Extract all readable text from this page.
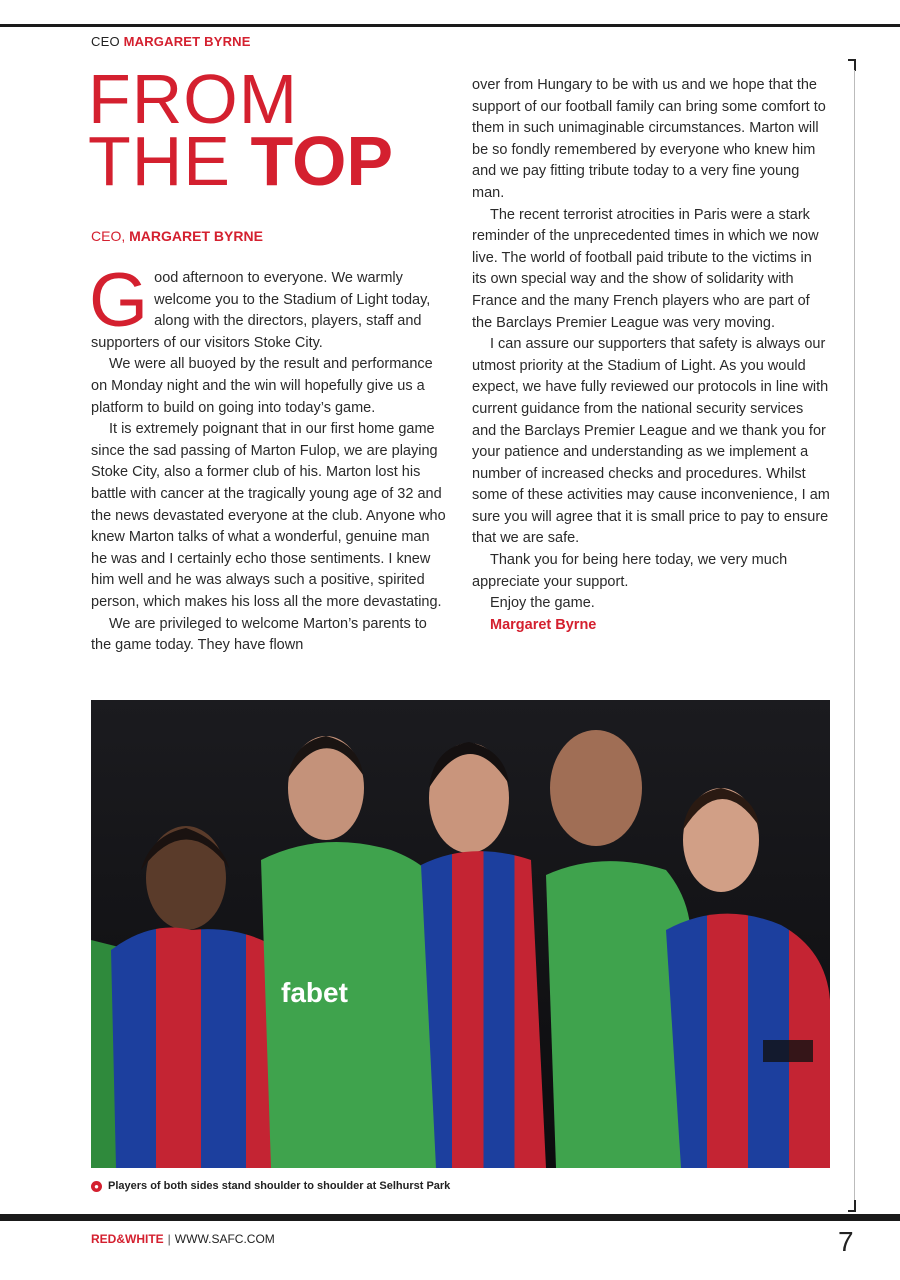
CEO MARGARET BYRNE
FROM
THE TOP
CEO, MARGARET BYRNE

Good afternoon to everyone. We warmly welcome you to the Stadium of Light today, along with the directors, players, staff and supporters of our visitors Stoke City.

We were all buoyed by the result and performance on Monday night and the win will hopefully give us a platform to build on going into today’s game.

It is extremely poignant that in our first home game since the sad passing of Marton Fulop, we are playing Stoke City, also a former club of his. Marton lost his battle with cancer at the tragically young age of 32 and the news devastated everyone at the club. Anyone who knew Marton talks of what a wonderful, genuine man he was and I certainly echo those sentiments. I knew him well and he was always such a positive, spirited person, which makes his loss all the more devastating.

We are privileged to welcome Marton’s parents to the game today. They have flown

over from Hungary to be with us and we hope that the support of our football family can bring some comfort to them in such unimaginable circumstances. Marton will be so fondly remembered by everyone who knew him and we pay fitting tribute today to a very fine young man.

The recent terrorist atrocities in Paris were a stark reminder of the unprecedented times in which we now live. The world of football paid tribute to the victims in its own special way and the show of solidarity with France and the many French players who are part of the Barclays Premier League was very moving.

I can assure our supporters that safety is always our utmost priority at the Stadium of Light. As you would expect, we have fully reviewed our protocols in line with current guidance from the national security services and the Barclays Premier League and we thank you for your patience and understanding as we implement a number of increased checks and procedures. Whilst some of these activities may cause inconvenience, I am sure you will agree that it is small price to pay to ensure that we are safe.

Thank you for being here today, we very much appreciate your support.

Enjoy the game.

Margaret Byrne

fabet
● Players of both sides stand shoulder to shoulder at Selhurst Park
RED&WHITE | WWW.SAFC.COM	7
